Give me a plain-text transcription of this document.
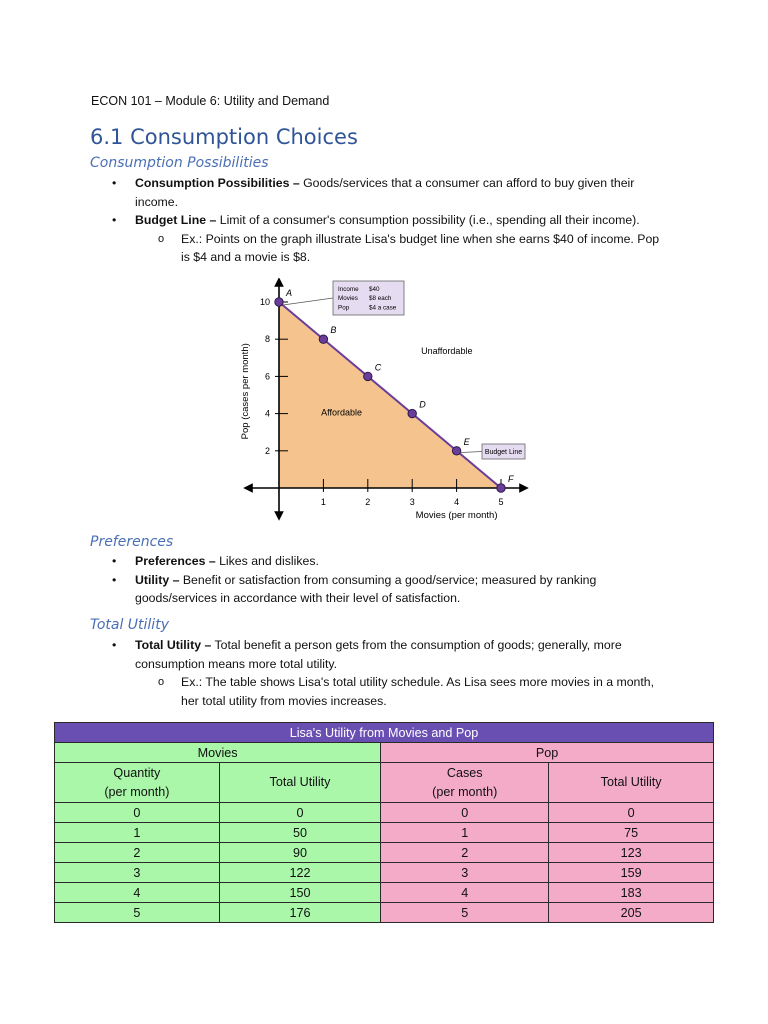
ECON 101 – Module 6: Utility and Demand
6.1 Consumption Choices
Consumption Possibilities
• Consumption Possibilities – Goods/services that a consumer can afford to buy given their
income.
• Budget Line – Limit of a consumer's consumption possibility (i.e., spending all their income).
o Ex.: Points on the graph illustrate Lisa's budget line when she earns $40 of income. Pop
is $4 and a movie is $8.
1	2	3	4	5
2
4
6
8
10
A
B
C
D
E
F
Affordable
Unaffordable
Movies (per month)
Pop (cases per month)
Income $40
Movies $8 each
Pop	$4 a case
Budget Line
Preferences
• Preferences – Likes and dislikes.
• Utility – Benefit or satisfaction from consuming a good/service; measured by ranking
goods/services in accordance with their level of satisfaction.
Total Utility
• Total Utility – Total benefit a person gets from the consumption of goods; generally, more
consumption means more total utility.
o Ex.: The table shows Lisa's total utility schedule. As Lisa sees more movies in a month,
her total utility from movies increases.
Lisa's Utility from Movies and Pop			
Movies		Pop	
Quantity
(per month)	Total Utility	Cases
(per month)	Total Utility
0	0	0	0
1	50	1	75
2	90	2	123
3	122	3	159
4	150	4	183
5	176	5	205
